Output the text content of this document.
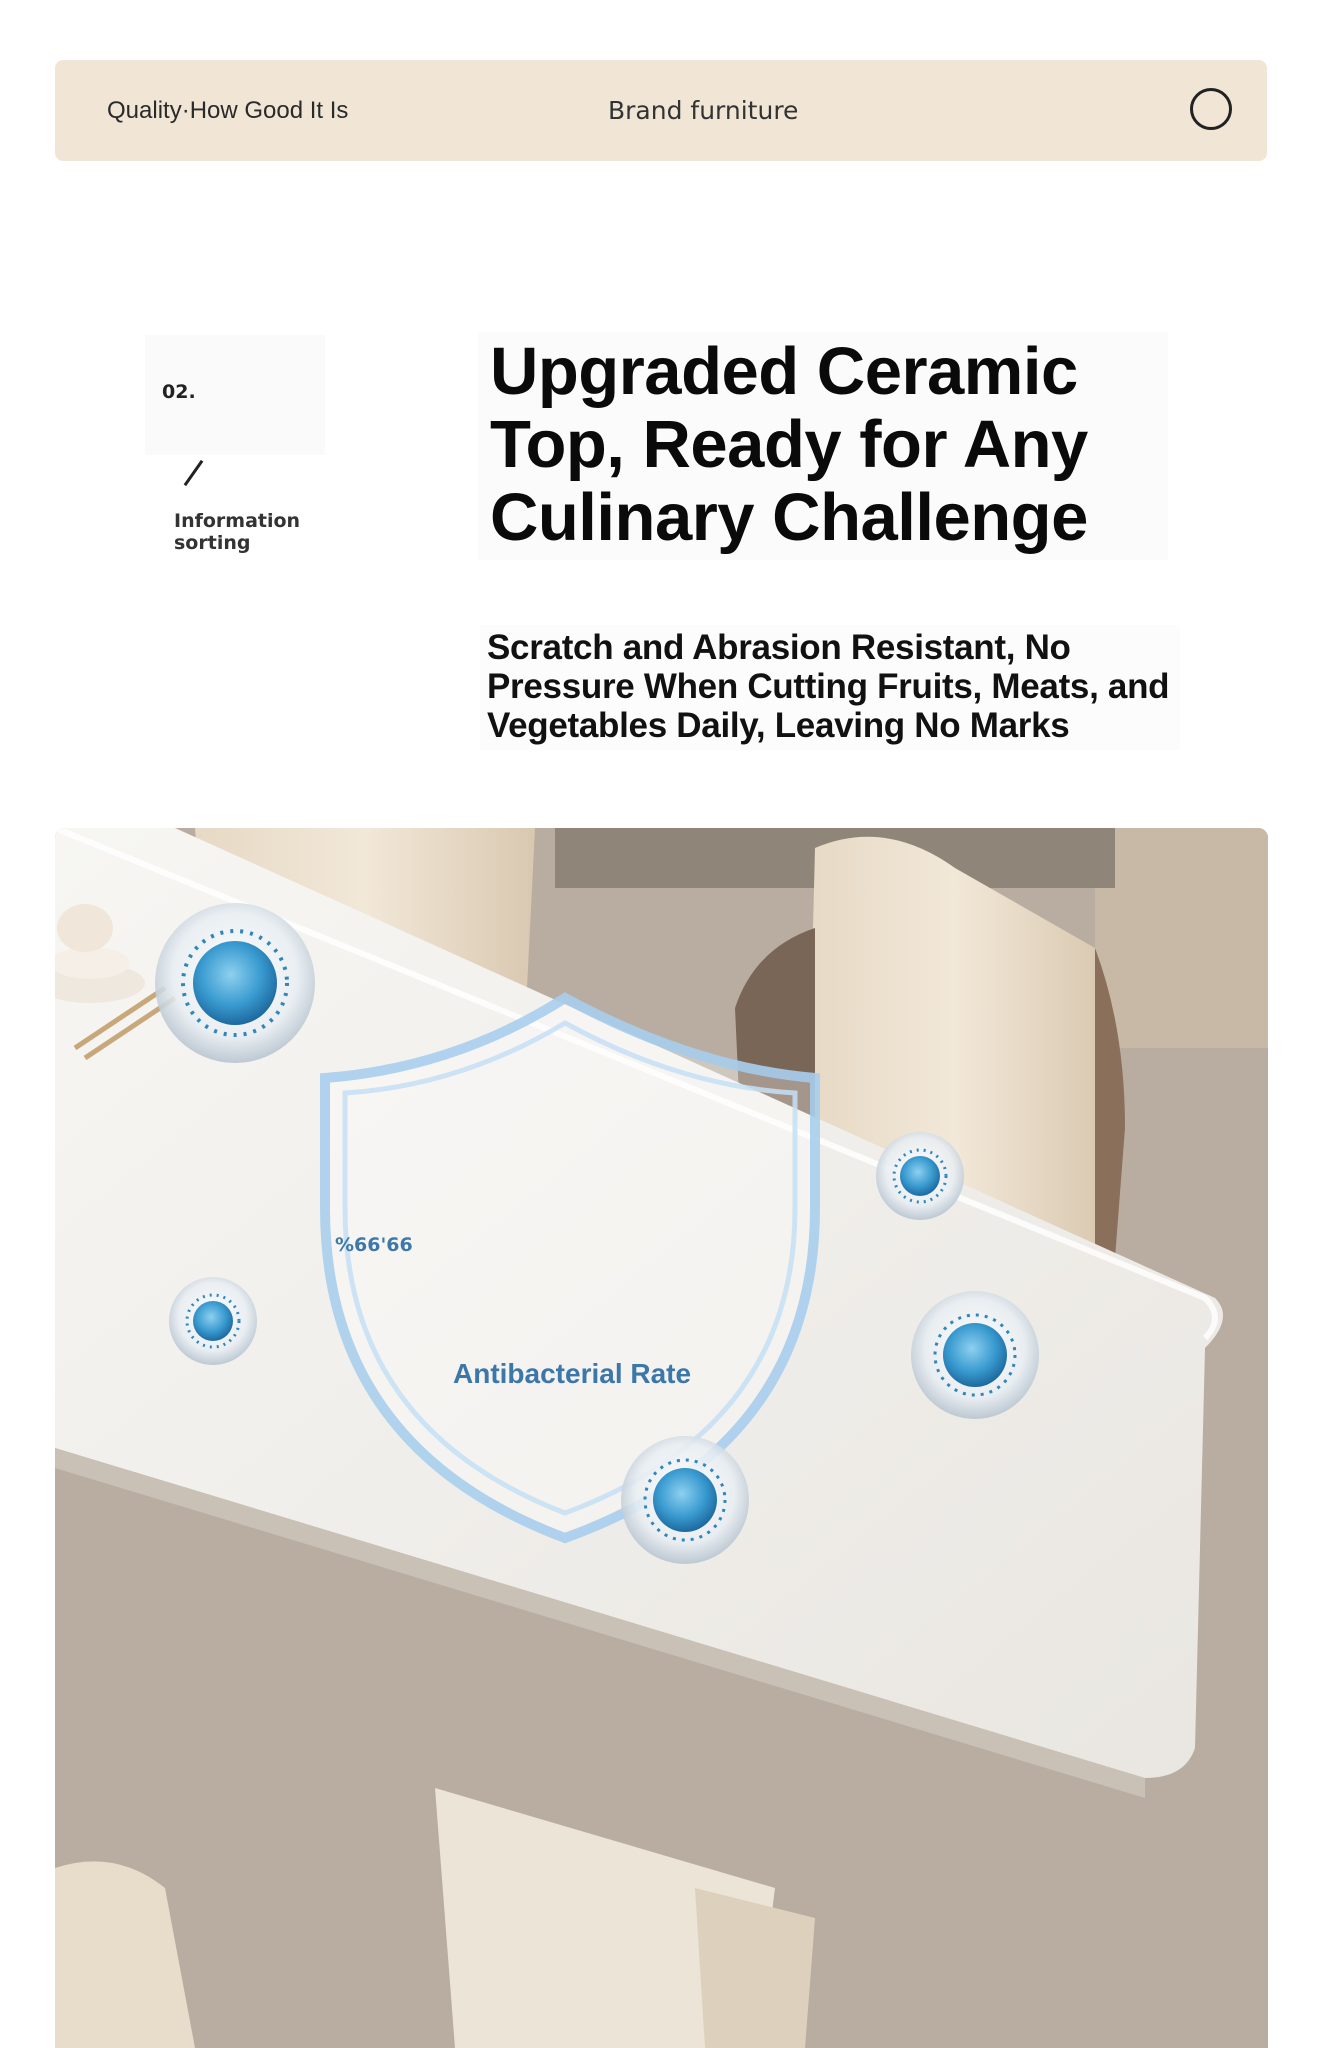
Quality·How Good It Is	Brand furniture
02.
Information sorting
Upgraded Ceramic Top, Ready for Any Culinary Challenge

Scratch and Abrasion Resistant, No Pressure When Cutting Fruits, Meats, and Vegetables Daily, Leaving No Marks

%66'66
Antibacterial Rate
